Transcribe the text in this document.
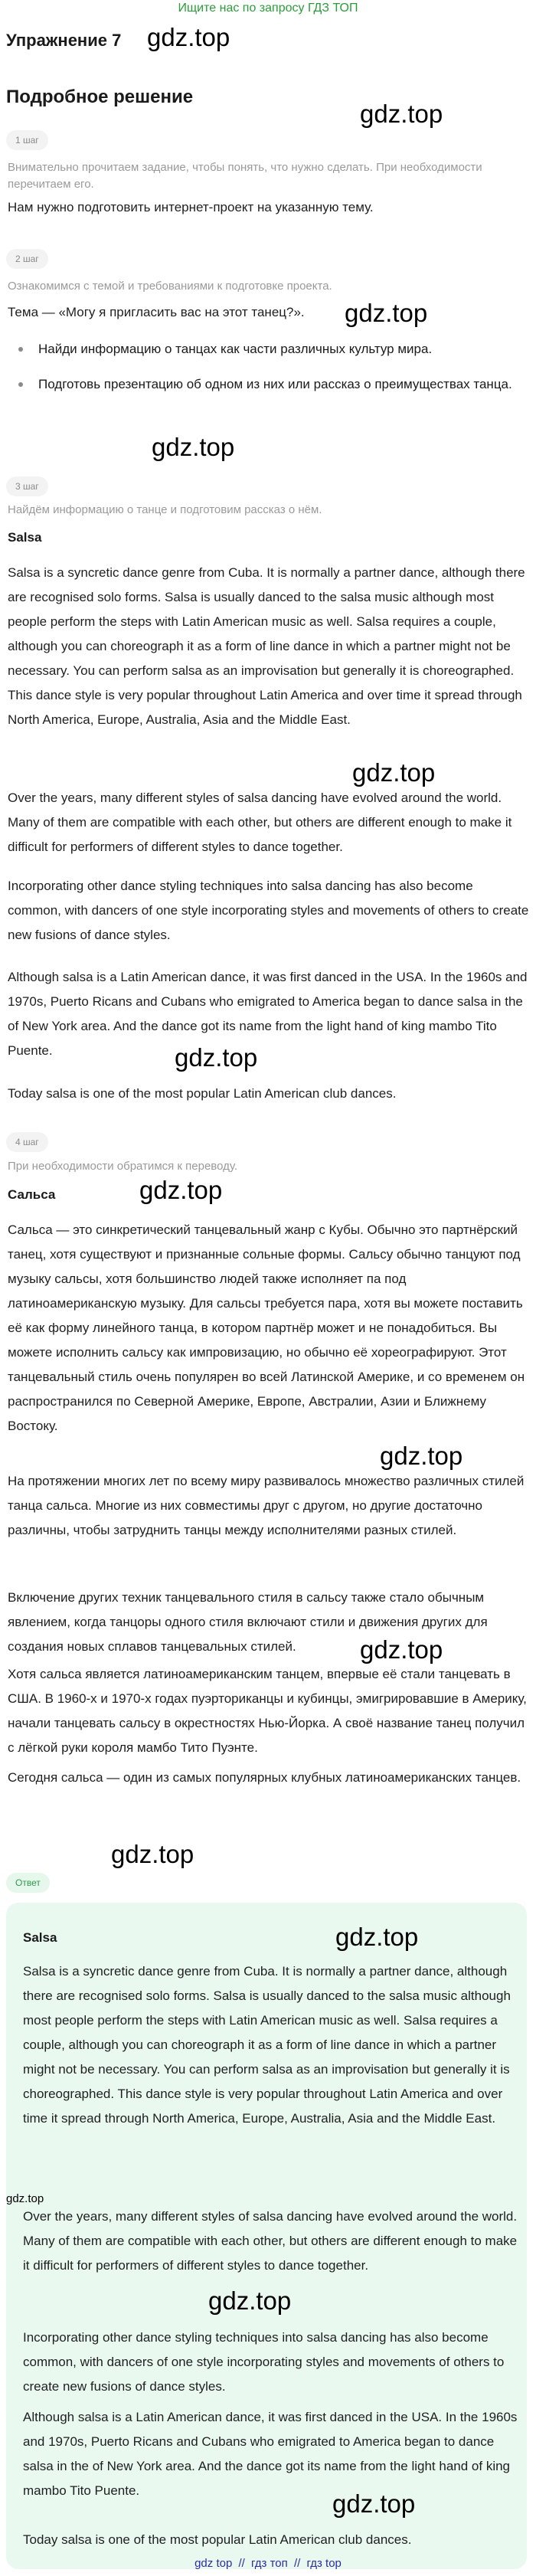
Ищите нас по запросу ГДЗ ТОП
gdz.top
Упражнение 7
Подробное решение
gdz.top
1 шаг
Внимательно прочитаем задание, чтобы понять, что нужно сделать. При необходимости перечитаем его.

Нам нужно подготовить интернет-проект на указанную тему.

2 шаг
Ознакомимся с темой и требованиями к подготовке проекта.
gdz.top

Тема — «Могу я пригласить вас на этот танец?».

Найди информацию о танцах как части различных культур мира.
Подготовь презентацию об одном из них или рассказ о преимуществах танца.
gdz.top
3 шаг
Найдём информацию о танце и подготовим рассказ о нём.
Salsa

Salsa is a syncretic dance genre from Cuba. It is normally a partner dance, although there are recognised solo forms. Salsa is usually danced to the salsa music although most people perform the steps with Latin American music as well. Salsa requires a couple, although you can choreograph it as a form of line dance in which a partner might not be necessary. You can perform salsa as an improvisation but generally it is choreographed. This dance style is very popular throughout Latin America and over time it spread through North America, Europe, Australia, Asia and the Middle East.

gdz.top

Over the years, many different styles of salsa dancing have evolved around the world. Many of them are compatible with each other, but others are different enough to make it difficult for performers of different styles to dance together.

Incorporating other dance styling techniques into salsa dancing has also become common, with dancers of one style incorporating styles and movements of others to create new fusions of dance styles.

Although salsa is a Latin American dance, it was first danced in the USA. In the 1960s and 1970s, Puerto Ricans and Cubans who emigrated to America began to dance salsa in the of New York area. And the dance got its name from the light hand of king mambo Tito Puente.	gdz.top

Today salsa is one of the most popular Latin American club dances.

4 шаг
При необходимости обратимся к переводу.
Сальса	gdz.top

Сальса — это синкретический танцевальный жанр с Кубы. Обычно это партнёрский танец, хотя существуют и признанные сольные формы. Сальсу обычно танцуют под музыку сальсы, хотя большинство людей также исполняет па под латиноамериканскую музыку. Для сальсы требуется пара, хотя вы можете поставить её как форму линейного танца, в котором партнёр может и не понадобиться. Вы можете исполнить сальсу как импровизацию, но обычно её хореографируют. Этот танцевальный стиль очень популярен во всей Латинской Америке, и со временем он распространился по Северной Америке, Европе, Австралии, Азии и Ближнему Востоку.

gdz.top

На протяжении многих лет по всему миру развивалось множество различных стилей танца сальса. Многие из них совместимы друг с другом, но другие достаточно различны, чтобы затруднить танцы между исполнителями разных стилей.

Включение других техник танцевального стиля в сальсу также стало обычным явлением, когда танцоры одного стиля включают стили и движения других для создания новых сплавов танцевальных стилей.	gdz.top

Хотя сальса является латиноамериканским танцем, впервые её стали танцевать в США. В 1960-х и 1970-х годах пуэрториканцы и кубинцы, эмигрировавшие в Америку, начали танцевать сальсу в окрестностях Нью-Йорка. А своё название танец получил с лёгкой руки короля мамбо Тито Пуэнте.

Сегодня сальса — один из самых популярных клубных латиноамериканских танцев.

gdz.top
Ответ
Salsa	gdz.top

Salsa is a syncretic dance genre from Cuba. It is normally a partner dance, although there are recognised solo forms. Salsa is usually danced to the salsa music although most people perform the steps with Latin American music as well. Salsa requires a couple, although you can choreograph it as a form of line dance in which a partner might not be necessary. You can perform salsa as an improvisation but generally it is choreographed. This dance style is very popular throughout Latin America and over time it spread through North America, Europe, Australia, Asia and the Middle East.

gdz.top

Over the years, many different styles of salsa dancing have evolved around the world. Many of them are compatible with each other, but others are different enough to make it difficult for performers of different styles to dance together.

gdz.top

Incorporating other dance styling techniques into salsa dancing has also become common, with dancers of one style incorporating styles and movements of others to create new fusions of dance styles.

Although salsa is a Latin American dance, it was first danced in the USA. In the 1960s and 1970s, Puerto Ricans and Cubans who emigrated to America began to dance salsa in the of New York area. And the dance got its name from the light hand of king mambo Tito Puente.	gdz.top

Today salsa is one of the most popular Latin American club dances.

gdz top // гдз топ // гдз top
